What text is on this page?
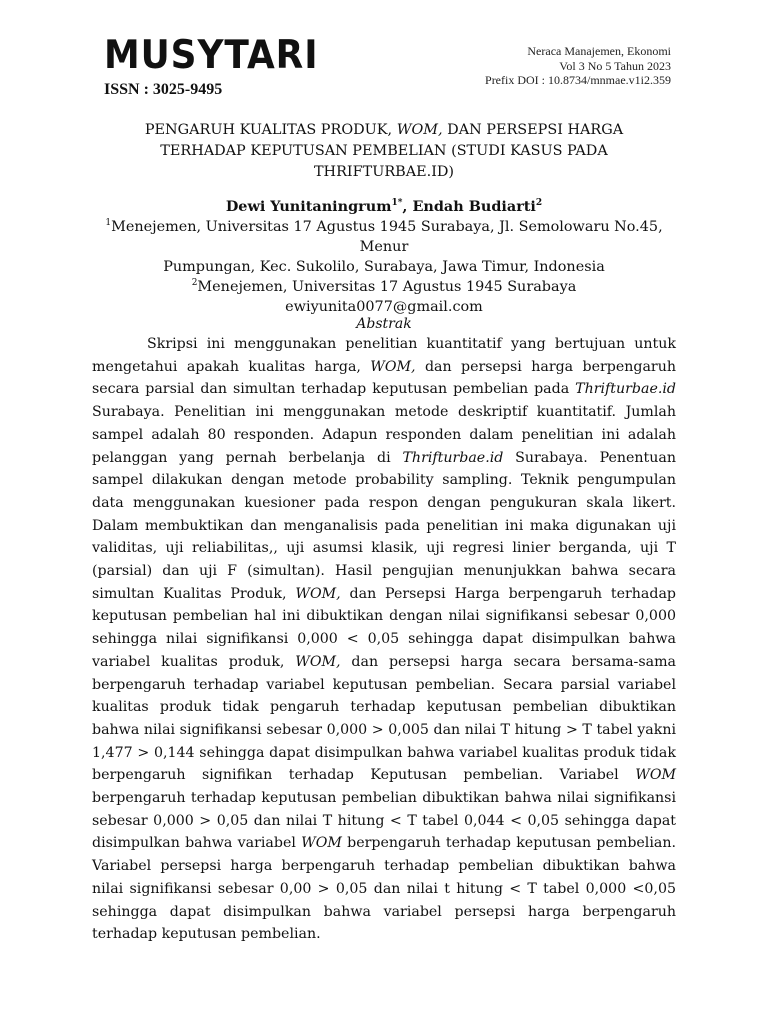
MUSYTARI
ISSN : 3025-9495
Neraca Manajemen, Ekonomi
Vol 3 No 5 Tahun 2023
Prefix DOI : 10.8734/mnmae.v1i2.359
PENGARUH KUALITAS PRODUK, WOM, DAN PERSEPSI HARGA TERHADAP KEPUTUSAN PEMBELIAN (STUDI KASUS PADA THRIFTURBAE.ID)
Dewi Yunitaningrum$^{1*}$, Endah Budiarti$^2$
$^1$Menejemen, Universitas 17 Agustus 1945 Surabaya, Jl. Semolowaru No.45, Menur
Pumpungan, Kec. Sukolilo, Surabaya, Jawa Timur, Indonesia
$^2$Menejemen, Universitas 17 Agustus 1945 Surabaya
ewiyunita0077@gmail.com
Abstrak

Skripsi ini menggunakan penelitian kuantitatif yang bertujuan untuk mengetahui apakah kualitas harga, WOM, dan persepsi harga berpengaruh secara parsial dan simultan terhadap keputusan pembelian pada Thrifturbae.id Surabaya. Penelitian ini menggunakan metode deskriptif kuantitatif. Jumlah sampel adalah 80 responden. Adapun responden dalam penelitian ini adalah pelanggan yang pernah berbelanja di Thrifturbae.id Surabaya. Penentuan sampel dilakukan dengan metode probability sampling. Teknik pengumpulan data menggunakan kuesioner pada respon dengan pengukuran skala likert. Dalam membuktikan dan menganalisis pada penelitian ini maka digunakan uji validitas, uji reliabilitas,, uji asumsi klasik, uji regresi linier berganda, uji T (parsial) dan uji F (simultan). Hasil pengujian menunjukkan bahwa secara simultan Kualitas Produk, WOM, dan Persepsi Harga berpengaruh terhadap keputusan pembelian hal ini dibuktikan dengan nilai signifikansi sebesar 0,000 sehingga nilai signifikansi 0,000 < 0,05 sehingga dapat disimpulkan bahwa variabel kualitas produk, WOM, dan persepsi harga secara bersama-sama berpengaruh terhadap variabel keputusan pembelian. Secara parsial variabel kualitas produk tidak pengaruh terhadap keputusan pembelian dibuktikan bahwa nilai signifikansi sebesar 0,000 > 0,005 dan nilai T hitung > T tabel yakni 1,477 > 0,144 sehingga dapat disimpulkan bahwa variabel kualitas produk tidak berpengaruh signifikan terhadap Keputusan pembelian. Variabel WOM berpengaruh terhadap keputusan pembelian dibuktikan bahwa nilai signifikansi sebesar 0,000 > 0,05 dan nilai T hitung < T tabel 0,044 < 0,05 sehingga dapat disimpulkan bahwa variabel WOM berpengaruh terhadap keputusan pembelian. Variabel persepsi harga berpengaruh terhadap pembelian dibuktikan bahwa nilai signifikansi sebesar 0,00 > 0,05 dan nilai t hitung < T tabel 0,000 <0,05 sehingga dapat disimpulkan bahwa variabel persepsi harga berpengaruh terhadap keputusan pembelian.
